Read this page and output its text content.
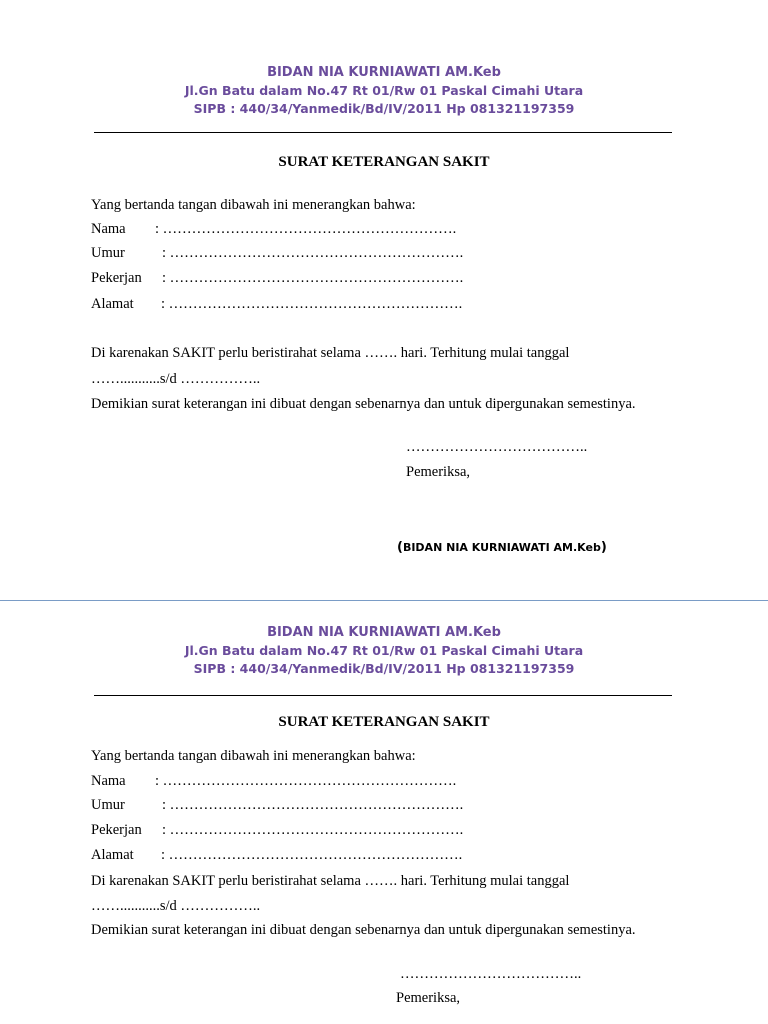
BIDAN NIA KURNIAWATI AM.Keb
Jl.Gn Batu dalam No.47 Rt 01/Rw 01 Paskal Cimahi Utara
SIPB : 440/34/Yanmedik/Bd/IV/2011 Hp 081321197359
SURAT KETERANGAN SAKIT
Yang bertanda tangan dibawah ini menerangkan bahwa:
Nama : …………………………………………………….
Umur	: …………………………………………………….
Pekerjan : …………………………………………………….
Alamat : …………………………………………………….
Di karenakan SAKIT perlu beristirahat selama ……. hari. Terhitung mulai tanggal
……...........s/d ……………..
Demikian surat keterangan ini dibuat dengan sebenarnya dan untuk dipergunakan semestinya.
………………………………..
Pemeriksa,
(BIDAN NIA KURNIAWATI AM.Keb)
BIDAN NIA KURNIAWATI AM.Keb
Jl.Gn Batu dalam No.47 Rt 01/Rw 01 Paskal Cimahi Utara
SIPB : 440/34/Yanmedik/Bd/IV/2011 Hp 081321197359
SURAT KETERANGAN SAKIT
Yang bertanda tangan dibawah ini menerangkan bahwa:
Nama : …………………………………………………….
Umur	: …………………………………………………….
Pekerjan : …………………………………………………….
Alamat : …………………………………………………….
Di karenakan SAKIT perlu beristirahat selama ……. hari. Terhitung mulai tanggal
……...........s/d ……………..
Demikian surat keterangan ini dibuat dengan sebenarnya dan untuk dipergunakan semestinya.
………………………………..
Pemeriksa,
